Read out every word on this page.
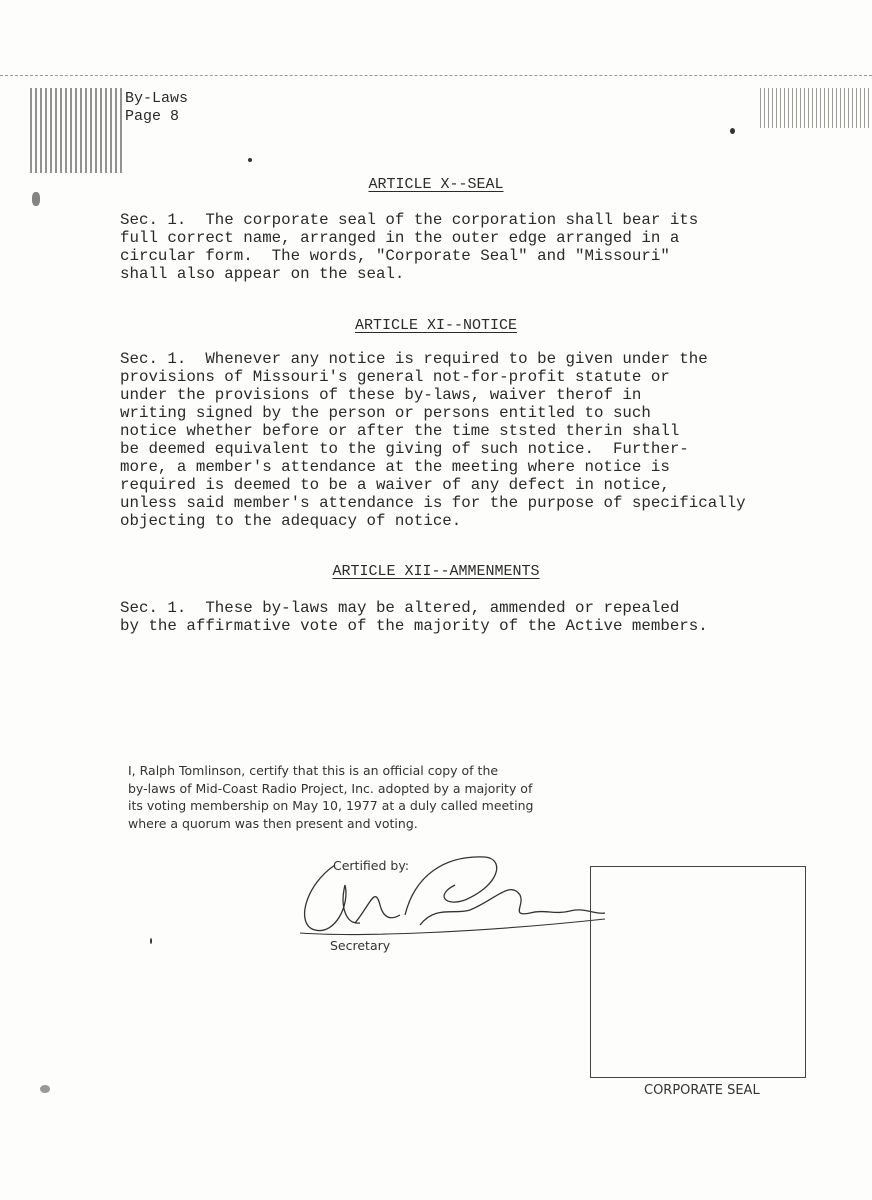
By-Laws
Page 8
ARTICLE X--SEAL
Sec. 1.  The corporate seal of the corporation shall bear its
full correct name, arranged in the outer edge arranged in a
circular form.  The words, "Corporate Seal" and "Missouri"
shall also appear on the seal.
ARTICLE XI--NOTICE
Sec. 1.  Whenever any notice is required to be given under the
provisions of Missouri's general not-for-profit statute or
under the provisions of these by-laws, waiver therof in
writing signed by the person or persons entitled to such
notice whether before or after the time ststed therin shall
be deemed equivalent to the giving of such notice.  Further-
more, a member's attendance at the meeting where notice is
required is deemed to be a waiver of any defect in notice,
unless said member's attendance is for the purpose of specifically
objecting to the adequacy of notice.
ARTICLE XII--AMMENMENTS
Sec. 1.  These by-laws may be altered, ammended or repealed
by the affirmative vote of the majority of the Active members.
I, Ralph Tomlinson, certify that this is an official copy of the
by-laws of Mid-Coast Radio Project, Inc. adopted by a majority of
its voting membership on May 10, 1977 at a duly called meeting
where a quorum was then present and voting.
Certified by:
Secretary
CORPORATE SEAL
